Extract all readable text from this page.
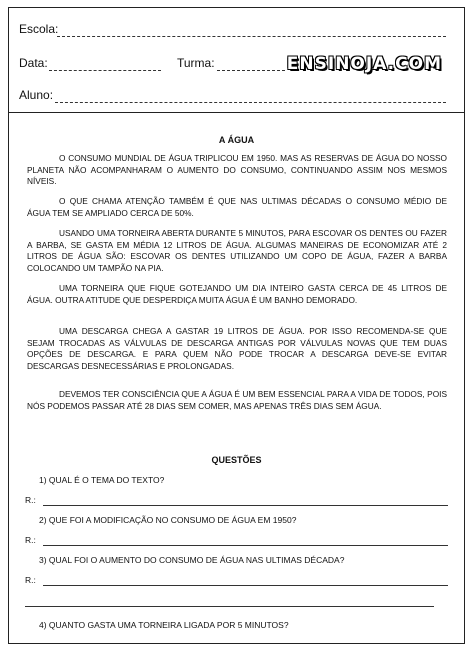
Escola:
Data:	Turma:	ENSINOJA.COM
Aluno:
A ÁGUA
O CONSUMO MUNDIAL DE ÁGUA TRIPLICOU EM 1950. MAS AS RESERVAS DE ÁGUA DO NOSSO PLANETA NÃO ACOMPANHARAM O AUMENTO DO CONSUMO, CONTINUANDO ASSIM NOS MESMOS NÍVEIS.
O QUE CHAMA ATENÇÃO TAMBÉM É QUE NAS ULTIMAS DÉCADAS O CONSUMO MÉDIO DE ÁGUA TEM SE AMPLIADO CERCA DE 50%.
USANDO UMA TORNEIRA ABERTA DURANTE 5 MINUTOS, PARA ESCOVAR OS DENTES OU FAZER A BARBA, SE GASTA EM MÉDIA 12 LITROS DE ÁGUA. ALGUMAS MANEIRAS DE ECONOMIZAR ATÉ 2 LITROS DE ÁGUA SÃO: ESCOVAR OS DENTES UTILIZANDO UM COPO DE ÁGUA, FAZER A BARBA COLOCANDO UM TAMPÃO NA PIA.
UMA TORNEIRA QUE FIQUE GOTEJANDO UM DIA INTEIRO GASTA CERCA DE 45 LITROS DE ÁGUA. OUTRA ATITUDE QUE DESPERDIÇA MUITA ÁGUA É UM BANHO DEMORADO.
UMA DESCARGA CHEGA A GASTAR 19 LITROS DE ÁGUA. POR ISSO RECOMENDA-SE QUE SEJAM TROCADAS AS VÁLVULAS DE DESCARGA ANTIGAS POR VÁLVULAS NOVAS QUE TEM DUAS OPÇÕES DE DESCARGA. E PARA QUEM NÃO PODE TROCAR A DESCARGA DEVE-SE EVITAR DESCARGAS DESNECESSÁRIAS E PROLONGADAS.
DEVEMOS TER CONSCIÊNCIA QUE A ÁGUA É UM BEM ESSENCIAL PARA A VIDA DE TODOS, POIS NÓS PODEMOS PASSAR ATÉ 28 DIAS SEM COMER, MAS APENAS TRÊS DIAS SEM ÁGUA.
QUESTÕES
1) QUAL É O TEMA DO TEXTO?
R.:
2) QUE FOI A MODIFICAÇÃO NO CONSUMO DE ÁGUA EM 1950?
R.:
3) QUAL FOI O AUMENTO DO CONSUMO DE ÁGUA NAS ULTIMAS DÉCADA?
R.:
4) QUANTO GASTA UMA TORNEIRA LIGADA POR 5 MINUTOS?
